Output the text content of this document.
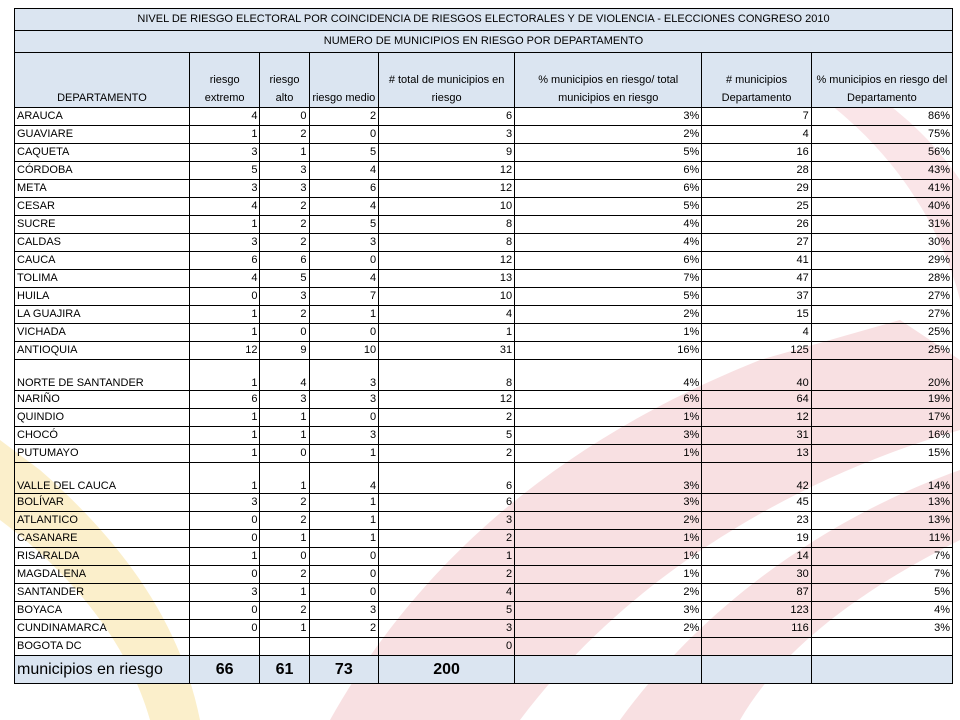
NIVEL DE RIESGO ELECTORAL POR COINCIDENCIA DE RIESGOS ELECTORALES Y DE VIOLENCIA - ELECCIONES CONGRESO 2010							
NUMERO DE MUNICIPIOS EN RIESGO POR DEPARTAMENTO							
DEPARTAMENTO	riesgo extremo	riesgo alto	riesgo medio	# total de municipios en riesgo	% municipios en riesgo/ total municipios en riesgo	# municipios Departamento	% municipios en riesgo del Departamento
ARAUCA	4	0	2	6	3%	7	86%
GUAVIARE	1	2	0	3	2%	4	75%
CAQUETA	3	1	5	9	5%	16	56%
CÓRDOBA	5	3	4	12	6%	28	43%
META	3	3	6	12	6%	29	41%
CESAR	4	2	4	10	5%	25	40%
SUCRE	1	2	5	8	4%	26	31%
CALDAS	3	2	3	8	4%	27	30%
CAUCA	6	6	0	12	6%	41	29%
TOLIMA	4	5	4	13	7%	47	28%
HUILA	0	3	7	10	5%	37	27%
LA GUAJIRA	1	2	1	4	2%	15	27%
VICHADA	1	0	0	1	1%	4	25%
ANTIOQUIA	12	9	10	31	16%	125	25%
NORTE DE SANTANDER	1	4	3	8	4%	40	20%
NARIÑO	6	3	3	12	6%	64	19%
QUINDIO	1	1	0	2	1%	12	17%
CHOCÓ	1	1	3	5	3%	31	16%
PUTUMAYO	1	0	1	2	1%	13	15%
VALLE DEL CAUCA	1	1	4	6	3%	42	14%
BOLÍVAR	3	2	1	6	3%	45	13%
ATLANTICO	0	2	1	3	2%	23	13%
CASANARE	0	1	1	2	1%	19	11%
RISARALDA	1	0	0	1	1%	14	7%
MAGDALENA	0	2	0	2	1%	30	7%
SANTANDER	3	1	0	4	2%	87	5%
BOYACA	0	2	3	5	3%	123	4%
CUNDINAMARCA	0	1	2	3	2%	116	3%
BOGOTA DC				0			
municipios en riesgo	66	61	73	200			
